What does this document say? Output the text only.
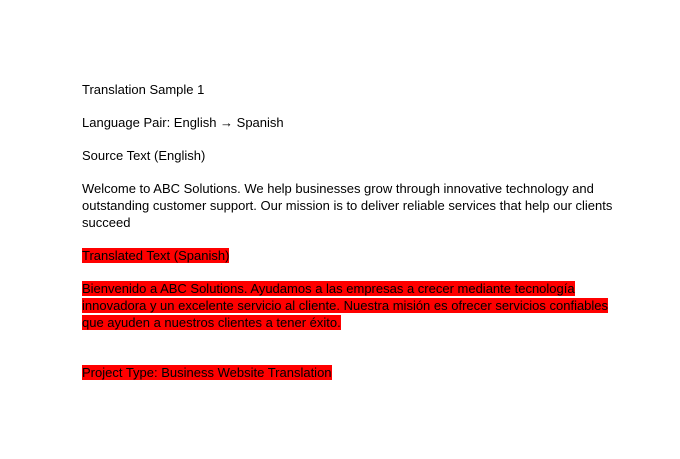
Translation Sample 1

Language Pair: English → Spanish

Source Text (English)

Welcome to ABC Solutions. We help businesses grow through innovative technology and outstanding customer support. Our mission is to deliver reliable services that help our clients succeed

Translated Text (Spanish)

Bienvenido a ABC Solutions. Ayudamos a las empresas a crecer mediante tecnología innovadora y un excelente servicio al cliente. Nuestra misión es ofrecer servicios confiables que ayuden a nuestros clientes a tener éxito.

Project Type: Business Website Translation
